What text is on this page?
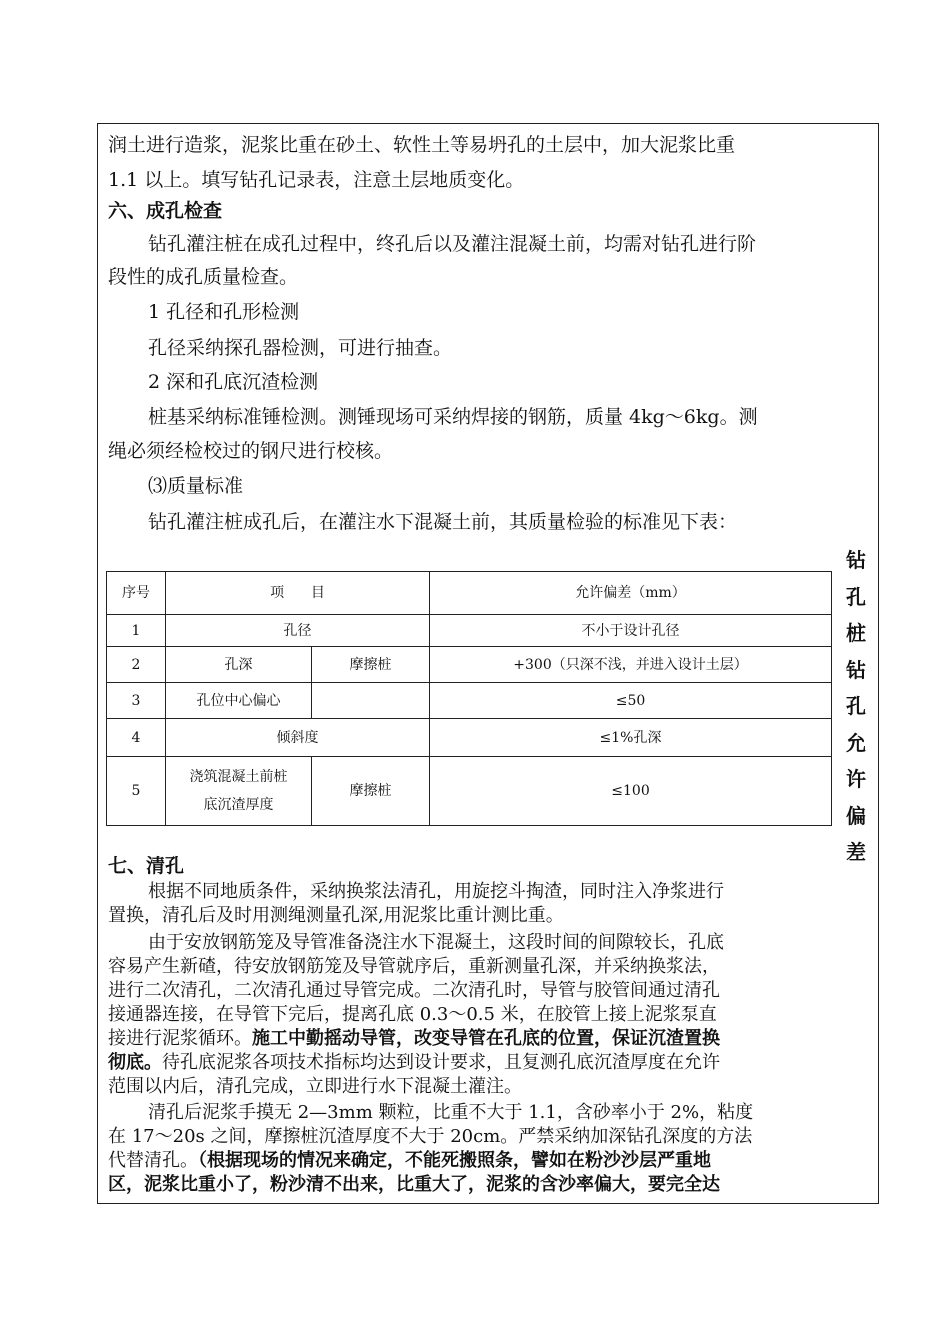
润土进行造浆，泥浆比重在砂土、软性土等易坍孔的土层中，加大泥浆比重
1.1 以上。填写钻孔记录表，注意土层地质变化。
六、成孔检查
钻孔灌注桩在成孔过程中，终孔后以及灌注混凝土前，均需对钻孔进行阶
段性的成孔质量检查。
1 孔径和孔形检测
孔径采纳探孔器检测，可进行抽查。
2 深和孔底沉渣检测
桩基采纳标准锤检测。测锤现场可采纳焊接的钢筋，质量 4kg～6kg。测
绳必须经检校过的钢尺进行校核。
⑶质量标准
钻孔灌注桩成孔后，在灌注水下混凝土前，其质量检验的标准见下表：
钻
孔
桩
钻
孔
允
许
偏
差
序号	项      目		允许偏差（mm）
1	孔径		不小于设计孔径
2	孔深	摩擦桩	+300（只深不浅，并进入设计土层）
3	孔位中心偏心		≤50
4	倾斜度		≤1%孔深
5	浇筑混凝土前桩
底沉渣厚度	摩擦桩	≤100
七、清孔
根据不同地质条件，采纳换浆法清孔，用旋挖斗掏渣，同时注入净浆进行
置换，清孔后及时用测绳测量孔深,用泥浆比重计测比重。
由于安放钢筋笼及导管准备浇注水下混凝土，这段时间的间隙较长，孔底
容易产生新碴，待安放钢筋笼及导管就序后，重新测量孔深，并采纳换浆法，
进行二次清孔，二次清孔通过导管完成。二次清孔时，导管与胶管间通过清孔
接通器连接，在导管下完后，提离孔底 0.3～0.5 米，在胶管上接上泥浆泵直
接进行泥浆循环。施工中勤摇动导管，改变导管在孔底的位置，保证沉渣置换
彻底。待孔底泥浆各项技术指标均达到设计要求，且复测孔底沉渣厚度在允许
范围以内后，清孔完成，立即进行水下混凝土灌注。
清孔后泥浆手摸无 2—3mm 颗粒，比重不大于 1.1，含砂率小于 2%，粘度
在 17～20s 之间，摩擦桩沉渣厚度不大于 20cm。严禁采纳加深钻孔深度的方法
代替清孔。（根据现场的情况来确定，不能死搬照条，譬如在粉沙沙层严重地
区，泥浆比重小了，粉沙清不出来，比重大了，泥浆的含沙率偏大，要完全达
